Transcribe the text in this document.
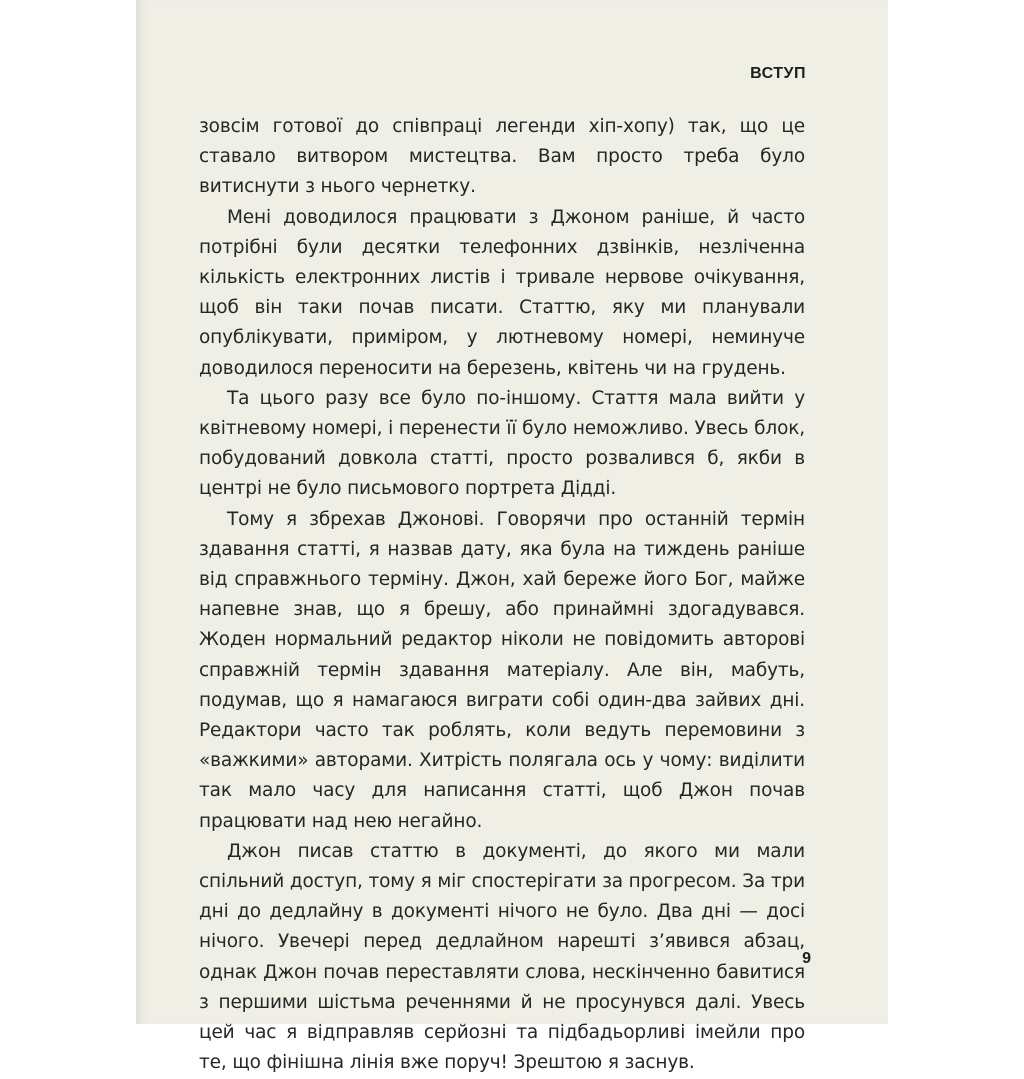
ВСТУП

зовсім готової до співпраці легенди хіп-хопу) так, що це ставало витвором мистецтва. Вам просто треба було витиснути з нього чернетку.

Мені доводилося працювати з Джоном раніше, й часто потрібні були десятки телефонних дзвінків, незліченна кількість електронних листів і тривале нервове очікування, щоб він таки почав писати. Статтю, яку ми планували опублікувати, приміром, у лютневому номері, неминуче доводилося переносити на березень, квітень чи на грудень.

Та цього разу все було по-іншому. Стаття мала вийти у квітневому номері, і перенести її було неможливо. Увесь блок, побудований довкола статті, просто розвалився б, якби в центрі не було письмового портрета Дідді.

Тому я збрехав Джонові. Говорячи про останній термін здавання статті, я назвав дату, яка була на тиждень раніше від справжнього терміну. Джон, хай береже його Бог, майже напевне знав, що я брешу, або принаймні здогадувався. Жоден нормальний редактор ніколи не повідомить авторові справжній термін здавання матеріалу. Але він, мабуть, подумав, що я намагаюся виграти собі один-два зайвих дні. Редактори часто так роблять, коли ведуть перемовини з «важкими» авторами. Хитрість полягала ось у чому: виділити так мало часу для написання статті, щоб Джон почав працювати над нею негайно.

Джон писав статтю в документі, до якого ми мали спільний доступ, тому я міг спостерігати за прогресом. За три дні до дедлайну в документі нічого не було. Два дні — досі нічого. Увечері перед дедлайном нарешті з’явився абзац, однак Джон почав переставляти слова, нескінченно бавитися з першими шістьма реченнями й не просунувся далі. Увесь цей час я відправляв серйозні та підбадьорливі імейли про те, що фінішна лінія вже поруч! Зрештою я заснув.

9
